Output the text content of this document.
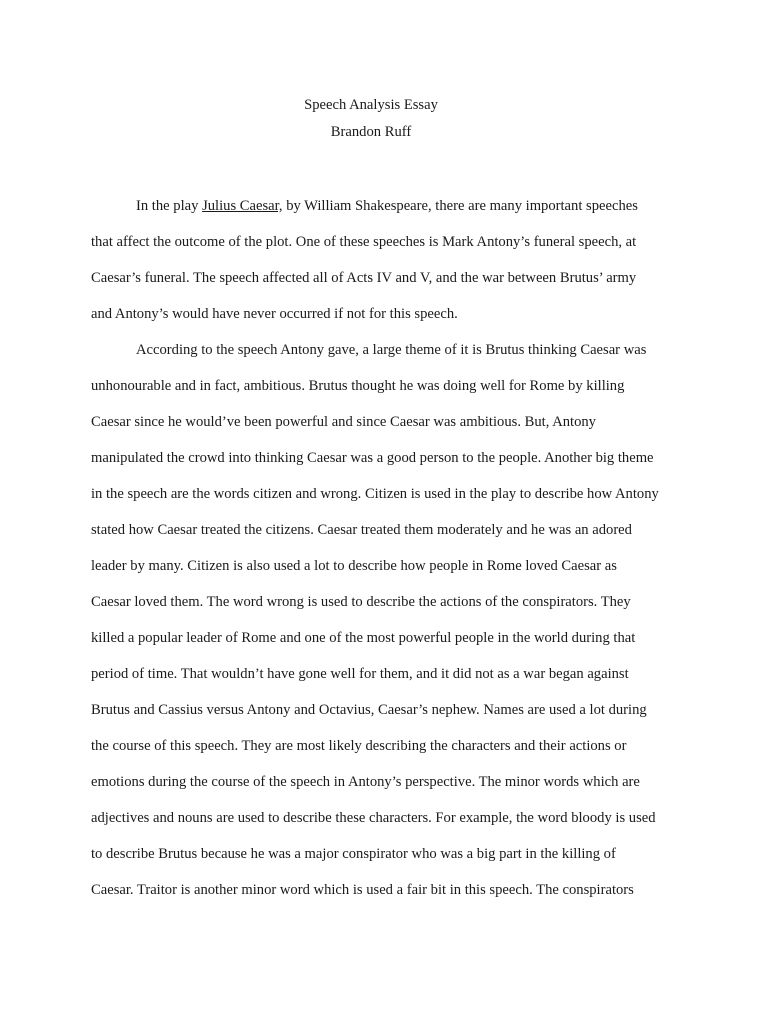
Speech Analysis Essay
Brandon Ruff
In the play Julius Caesar, by William Shakespeare, there are many important speeches
that affect the outcome of the plot. One of these speeches is Mark Antony’s funeral speech, at
Caesar’s funeral. The speech affected all of Acts IV and V, and the war between Brutus’ army
and Antony’s would have never occurred if not for this speech.
According to the speech Antony gave, a large theme of it is Brutus thinking Caesar was
unhonourable and in fact, ambitious. Brutus thought he was doing well for Rome by killing
Caesar since he would’ve been powerful and since Caesar was ambitious. But, Antony
manipulated the crowd into thinking Caesar was a good person to the people. Another big theme
in the speech are the words citizen and wrong. Citizen is used in the play to describe how Antony
stated how Caesar treated the citizens. Caesar treated them moderately and he was an adored
leader by many. Citizen is also used a lot to describe how people in Rome loved Caesar as
Caesar loved them. The word wrong is used to describe the actions of the conspirators. They
killed a popular leader of Rome and one of the most powerful people in the world during that
period of time. That wouldn’t have gone well for them, and it did not as a war began against
Brutus and Cassius versus Antony and Octavius, Caesar’s nephew. Names are used a lot during
the course of this speech. They are most likely describing the characters and their actions or
emotions during the course of the speech in Antony’s perspective. The minor words which are
adjectives and nouns are used to describe these characters. For example, the word bloody is used
to describe Brutus because he was a major conspirator who was a big part in the killing of
Caesar. Traitor is another minor word which is used a fair bit in this speech. The conspirators
